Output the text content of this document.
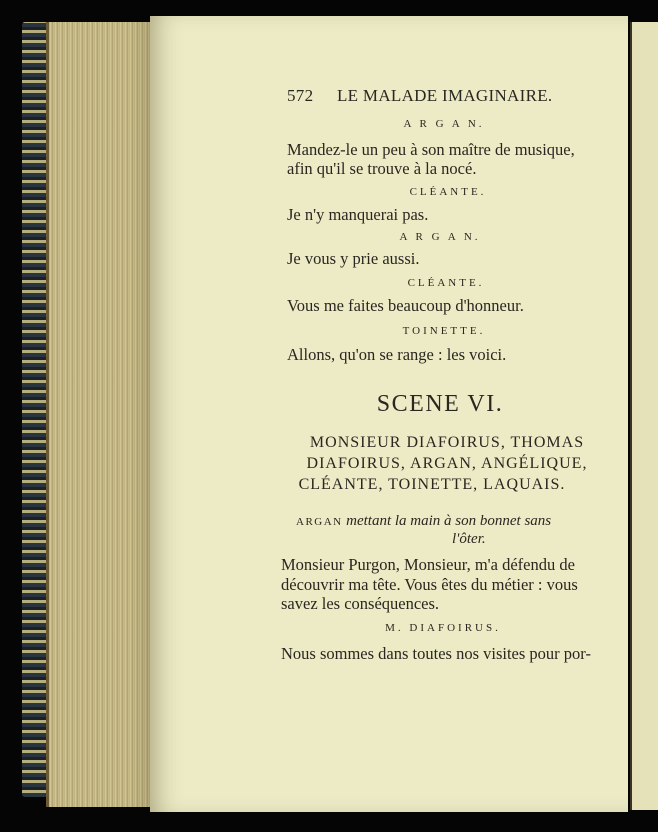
572 LE MALADE IMAGINAIRE.
A R G A N.
Mandez-le un peu à son maître de musique,
afin qu'il se trouve à la nocé.
CLÉANTE.
Je n'y manquerai pas.
A R G A N.
Je vous y prie aussi.
CLÉANTE.
Vous me faites beaucoup d'honneur.
TOINETTE.
Allons, qu'on se range : les voici.
SCENE VI.
MONSIEUR DIAFOIRUS, THOMAS
DIAFOIRUS, ARGAN, ANGÉLIQUE,
CLÉANTE, TOINETTE, LAQUAIS.
ARGAN mettant la main à son bonnet sans
l'ôter.
Monsieur Purgon, Monsieur, m'a défendu de
découvrir ma tête. Vous êtes du métier : vous
savez les conséquences.
M. DIAFOIRUS.
Nous sommes dans toutes nos visites pour por-
